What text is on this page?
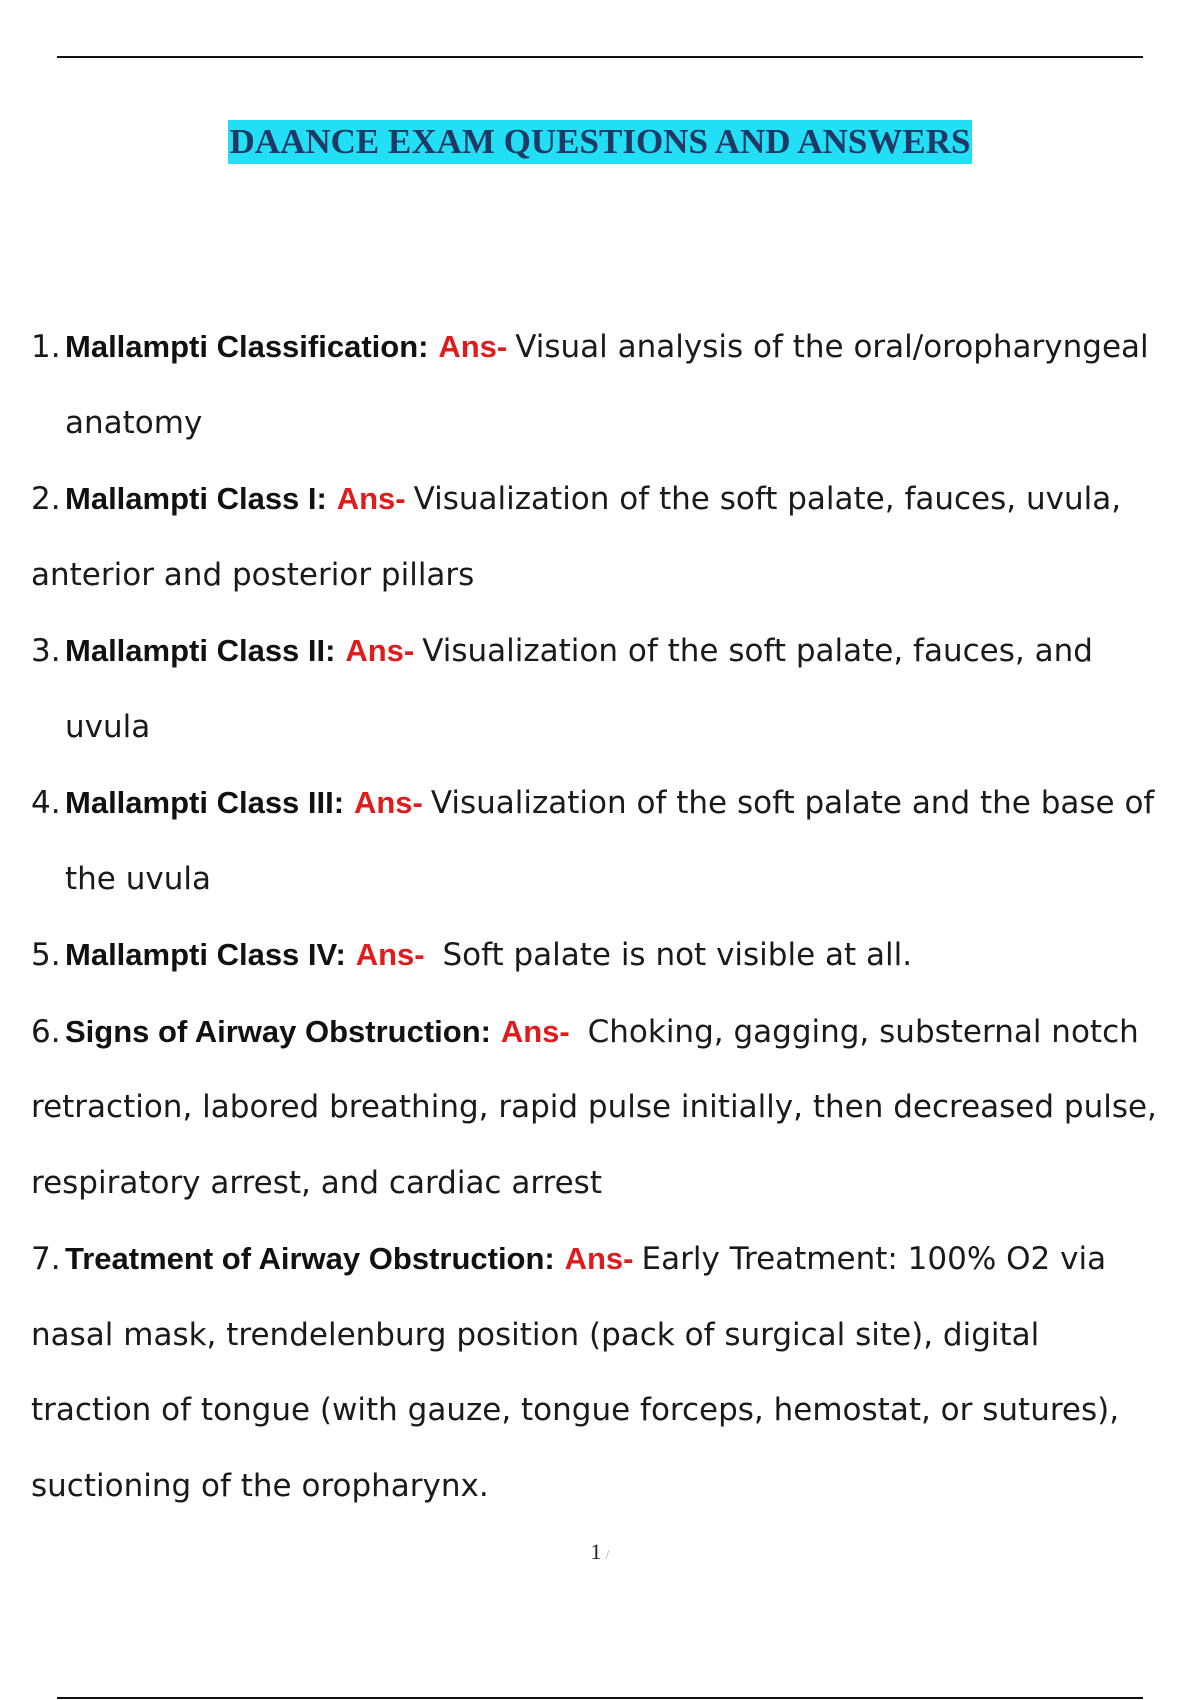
DAANCE EXAM QUESTIONS AND ANSWERS
1. Mallampti Classification: Ans- Visual analysis of the oral/oropharyngeal
anatomy
2. Mallampti Class I: Ans- Visualization of the soft palate, fauces, uvula,
anterior and posterior pillars
3. Mallampti Class II: Ans- Visualization of the soft palate, fauces, and
uvula
4. Mallampti Class III: Ans- Visualization of the soft palate and the base of
the uvula
5. Mallampti Class IV: Ans- Soft palate is not visible at all.
6. Signs of Airway Obstruction: Ans- Choking, gagging, substernal notch
retraction, labored breathing, rapid pulse initially, then decreased pulse,
respiratory arrest, and cardiac arrest
7. Treatment of Airway Obstruction: Ans- Early Treatment: 100% O2 via
nasal mask, trendelenburg position (pack of surgical site), digital
traction of tongue (with gauze, tongue forceps, hemostat, or sutures),
suctioning of the oropharynx.
1 /
